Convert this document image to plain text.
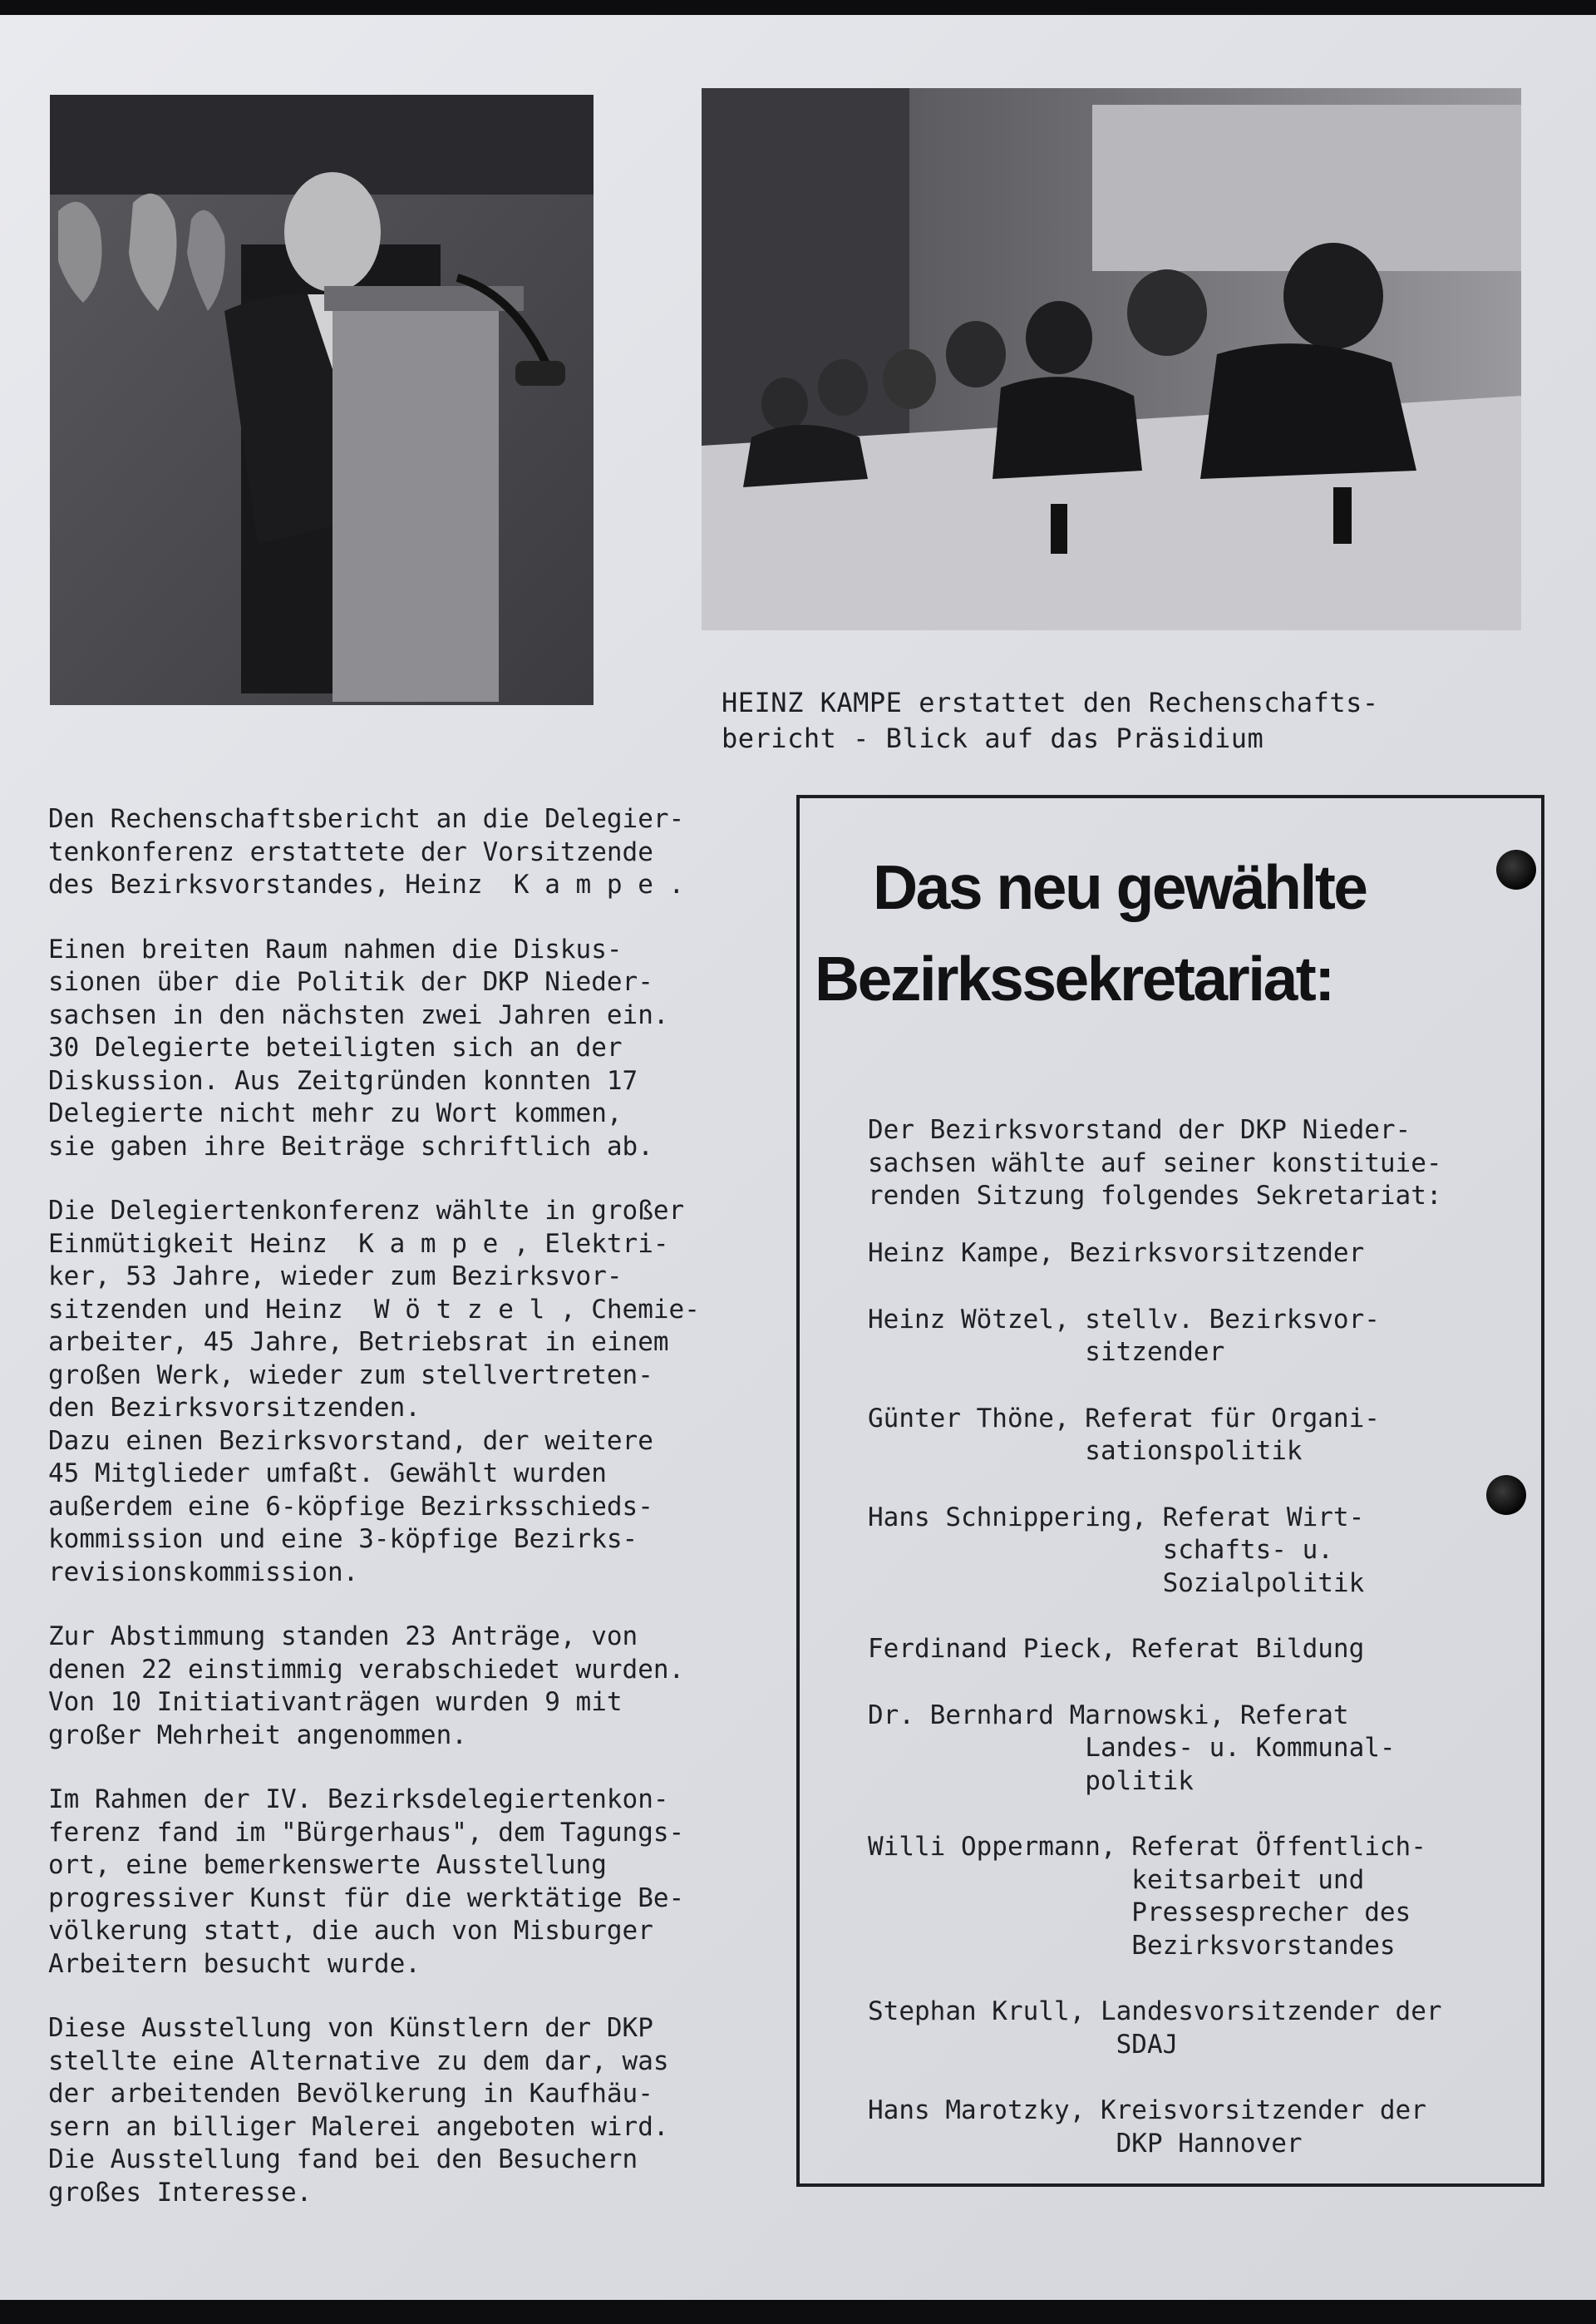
HEINZ KAMPE erstattet den Rechenschafts-
bericht - Blick auf das Präsidium
Den Rechenschaftsbericht an die Delegier-
tenkonferenz erstattete der Vorsitzende
des Bezirksvorstandes, Heinz  K a m p e .
Einen breiten Raum nahmen die Diskus-
sionen über die Politik der DKP Nieder-
sachsen in den nächsten zwei Jahren ein.
30 Delegierte beteiligten sich an der
Diskussion. Aus Zeitgründen konnten 17
Delegierte nicht mehr zu Wort kommen,
sie gaben ihre Beiträge schriftlich ab.
Die Delegiertenkonferenz wählte in großer
Einmütigkeit Heinz  K a m p e , Elektri-
ker, 53 Jahre, wieder zum Bezirksvor-
sitzenden und Heinz  W ö t z e l , Chemie-
arbeiter, 45 Jahre, Betriebsrat in einem
großen Werk, wieder zum stellvertreten-
den Bezirksvorsitzenden.
Dazu einen Bezirksvorstand, der weitere
45 Mitglieder umfaßt. Gewählt wurden
außerdem eine 6-köpfige Bezirksschieds-
kommission und eine 3-köpfige Bezirks-
revisionskommission.
Zur Abstimmung standen 23 Anträge, von
denen 22 einstimmig verabschiedet wurden.
Von 10 Initiativanträgen wurden 9 mit
großer Mehrheit angenommen.
Im Rahmen der IV. Bezirksdelegiertenkon-
ferenz fand im "Bürgerhaus", dem Tagungs-
ort, eine bemerkenswerte Ausstellung
progressiver Kunst für die werktätige Be-
völkerung statt, die auch von Misburger
Arbeitern besucht wurde.
Diese Ausstellung von Künstlern der DKP
stellte eine Alternative zu dem dar, was
der arbeitenden Bevölkerung in Kaufhäu-
sern an billiger Malerei angeboten wird.
Die Ausstellung fand bei den Besuchern
großes Interesse.
Das neu gewählte
Bezirkssekretariat:
Der Bezirksvorstand der DKP Nieder-
sachsen wählte auf seiner konstituie-
renden Sitzung folgendes Sekretariat:
Heinz Kampe, Bezirksvorsitzender
Heinz Wötzel, stellv. Bezirksvor-
sitzender
Günter Thöne, Referat für Organi-
sationspolitik
Hans Schnippering, Referat Wirt-
schafts- u.
Sozialpolitik
Ferdinand Pieck, Referat Bildung
Dr. Bernhard Marnowski, Referat
Landes- u. Kommunal-
politik
Willi Oppermann, Referat Öffentlich-
keitsarbeit und
Pressesprecher des
Bezirksvorstandes
Stephan Krull, Landesvorsitzender der
SDAJ
Hans Marotzky, Kreisvorsitzender der
DKP Hannover
